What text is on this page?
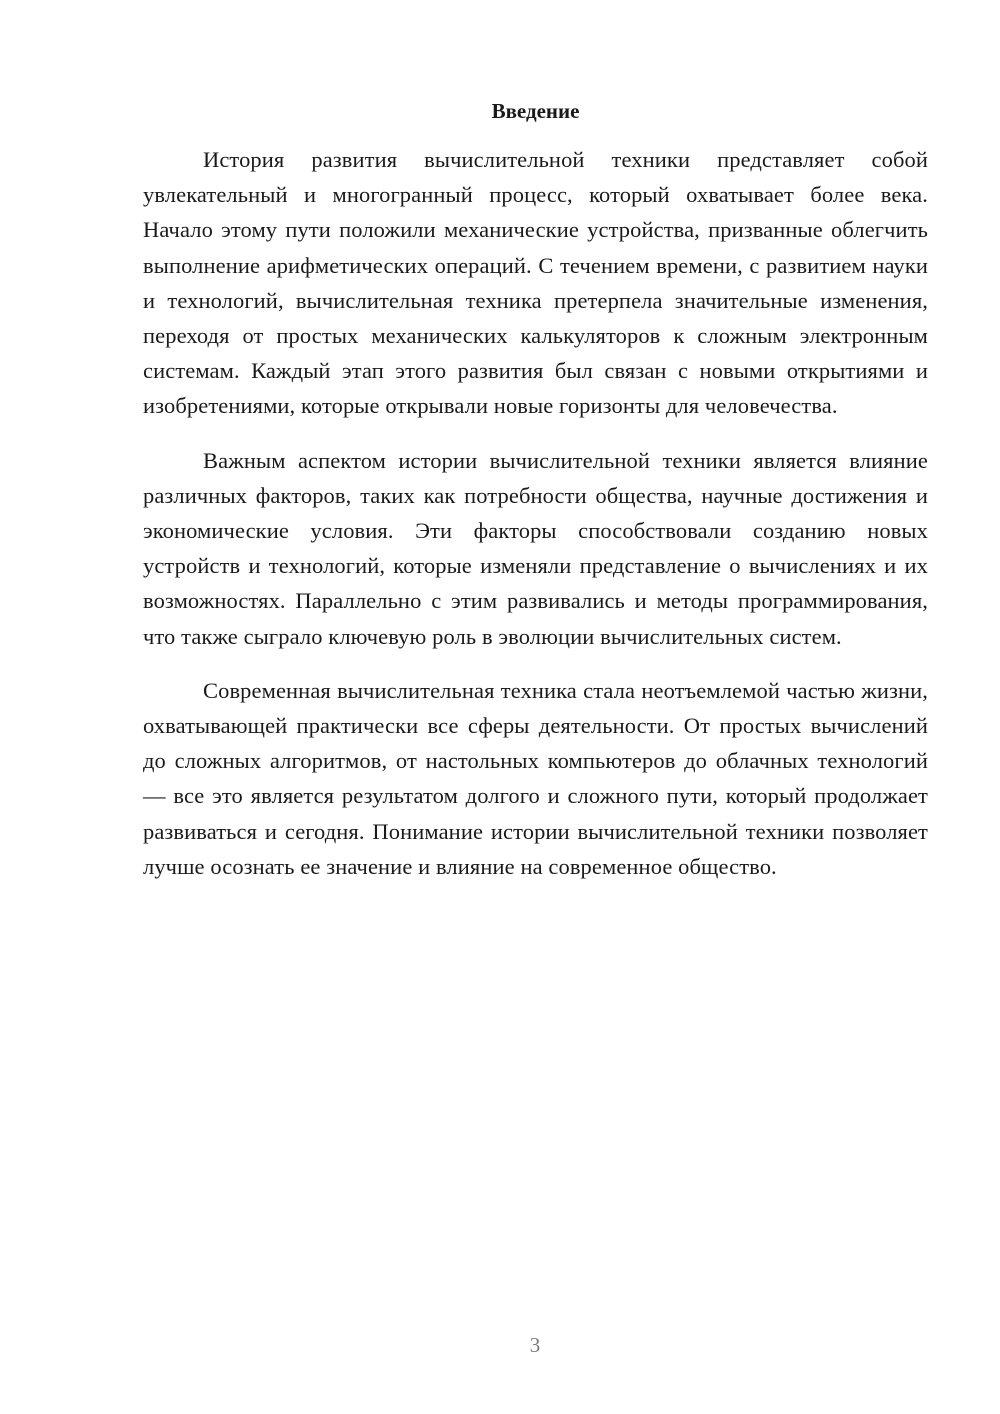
Введение

История развития вычислительной техники представляет собой увлекательный и многогранный процесс, который охватывает более века. Начало этому пути положили механические устройства, призванные облегчить выполнение арифметических операций. С течением времени, с развитием науки и технологий, вычислительная техника претерпела значительные изменения, переходя от простых механических калькуляторов к сложным электронным системам. Каждый этап этого развития был связан с новыми открытиями и изобретениями, которые открывали новые горизонты для человечества.

Важным аспектом истории вычислительной техники является влияние различных факторов, таких как потребности общества, научные достижения и экономические условия. Эти факторы способствовали созданию новых устройств и технологий, которые изменяли представление о вычислениях и их возможностях. Параллельно с этим развивались и методы программирования, что также сыграло ключевую роль в эволюции вычислительных систем.

Современная вычислительная техника стала неотъемлемой частью жизни, охватывающей практически все сферы деятельности. От простых вычислений до сложных алгоритмов, от настольных компьютеров до облачных технологий — все это является результатом долгого и сложного пути, который продолжает развиваться и сегодня. Понимание истории вычислительной техники позволяет лучше осознать ее значение и влияние на современное общество.

3
